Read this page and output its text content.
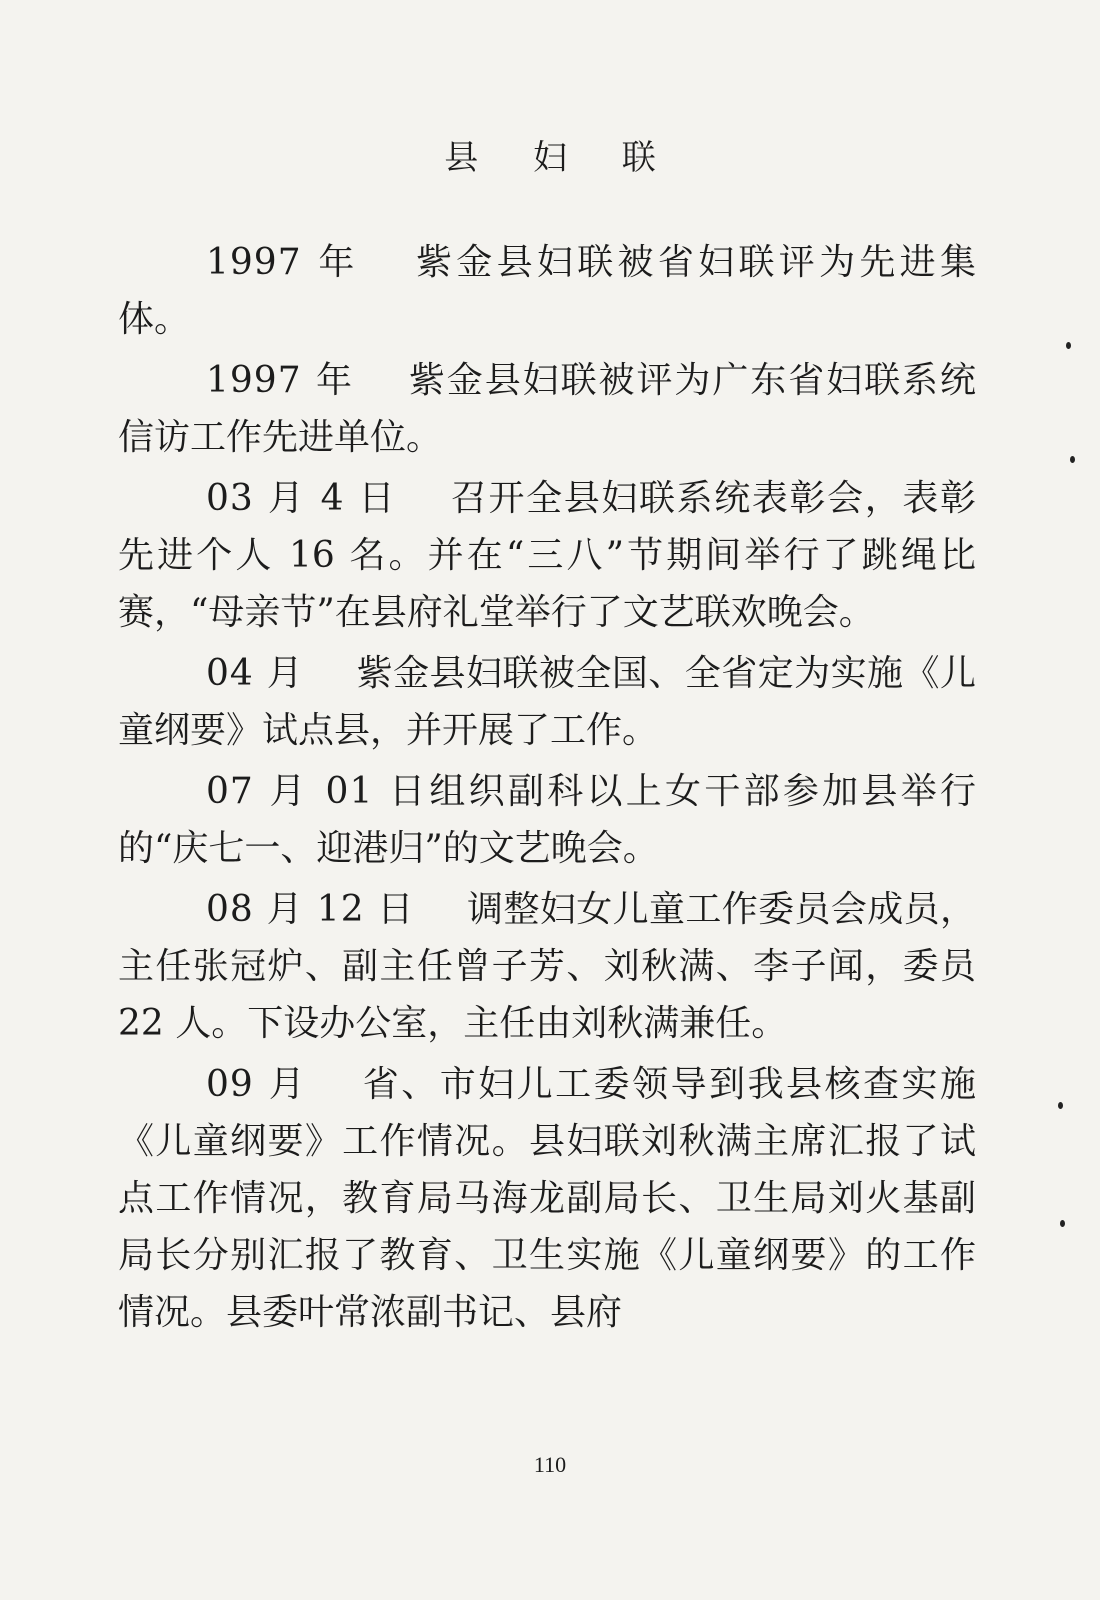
县 妇 联

1997 年 紫金县妇联被省妇联评为先进集体。

1997 年 紫金县妇联被评为广东省妇联系统信访工作先进单位。

03 月 4 日 召开全县妇联系统表彰会，表彰先进个人 16 名。并在“三八”节期间举行了跳绳比赛，“母亲节”在县府礼堂举行了文艺联欢晚会。

04 月 紫金县妇联被全国、全省定为实施《儿童纲要》试点县，并开展了工作。

07 月 01 日组织副科以上女干部参加县举行的“庆七一、迎港归”的文艺晚会。

08 月 12 日 调整妇女儿童工作委员会成员，主任张冠炉、副主任曾子芳、刘秋满、李子闻，委员 22 人。下设办公室，主任由刘秋满兼任。

09 月 省、市妇儿工委领导到我县核查实施《儿童纲要》工作情况。县妇联刘秋满主席汇报了试点工作情况，教育局马海龙副局长、卫生局刘火基副局长分别汇报了教育、卫生实施《儿童纲要》的工作情况。县委叶常浓副书记、县府

110
